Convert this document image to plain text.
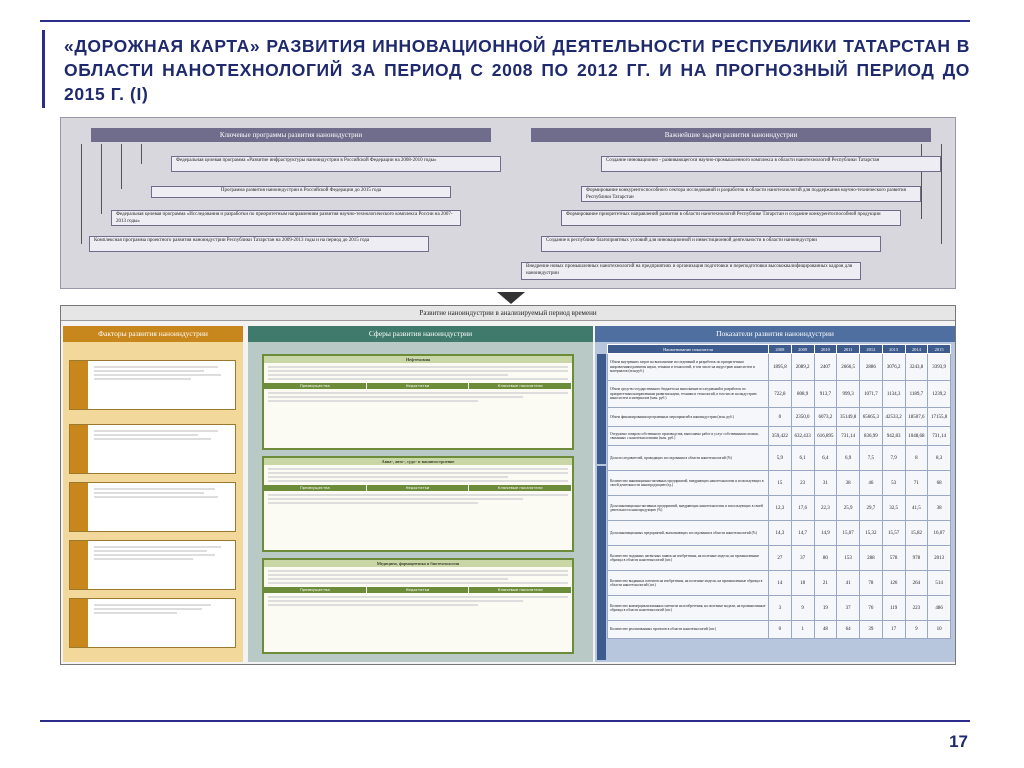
«ДОРОЖНАЯ КАРТА» РАЗВИТИЯ ИННОВАЦИОННОЙ ДЕЯТЕЛЬНОСТИ РЕСПУБЛИКИ ТАТАРСТАН В ОБЛАСТИ НАНОТЕХНОЛОГИЙ ЗА ПЕРИОД С 2008 ПО 2012 ГГ. И НА ПРОГНОЗНЫЙ ПЕРИОД ДО 2015 Г. (I)
Ключевые программы развития наноиндустрии	Важнейшие задачи развития наноиндустрии
Федеральная целевая программа «Развитие инфраструктуры наноиндустрии в Российской Федерации на 2008-2010 годы»
Программа развития наноиндустрии в Российской Федерации до 2015 года
Федеральная целевая программа «Исследования и разработки по приоритетным направлениям развития научно-технологического комплекса России на 2007-2013 годы»
Комплексная программа проектного развития наноиндустрии Республики Татарстан на 2009-2013 годы и на период до 2015 года
Создание инновационно - развивающегося научно-промышленного комплекса в области нанотехнологий Республики Татарстан
Формирование конкурентоспособного сектора исследований и разработок в области нанотехнологий для поддержания научно-технического развития Республики Татарстан
Формирование приоритетных направлений развития в области нанотехнологий Республике Татарстан и создание конкурентоспособной продукции
Создание в республике благоприятных условий для инновационной и инвестиционной деятельности в области наноиндустрии
Внедрение новых промышленных нанотехнологий на предприятиях и организация подготовки и переподготовки высококвалифицированных кадров для наноиндустрии
Развитие наноиндустрии в анализируемый период времени
Факторы развития наноиндустрии	Сферы развития наноиндустрии	Показатели развития наноиндустрии
Нефтехимия
Преимущества	Недостатки	Ключевые показатели
Авиа-, авто-, судо- и машиностроение
Преимущества	Недостатки	Ключевые показатели
Медицина, фармацевтика и биотехнологии
Преимущества	Недостатки	Ключевые показатели
Наименование показателя	2008	2009	2010	2011	2012	2013	2014	2015
Объем внутренних затрат на выполнение исследований и разработок по приоритетным направлениям развития науки, техники и технологий, в том числе на индустрию наносистем и материалов (млн руб.)	1895,8	2089,2	2407	2666,5	2886	3076,2	3243,8	3393,9
Объем средств государственного бюджета на выполнение исследований и разработок по приоритетным направлениям развития науки, техники и технологий, в том числе на индустрию наносистем и материалов (млн. руб.)	722,8	808,9	913,7	999,3	1071,7	1134,3	1189,7	1239,2
Объем финансирования программных мероприятий в наноиндустрии (млн. руб.)	0	2350,0	6073,2	35149,8	65665,3	42533,2	18507,6	17155,8
Отгружено товаров собственного производства, выполнено работ и услуг собственными силами, связанных с нанотехнологиями (млн. руб.)	359,422	632,433	616,895	731,14	836,99	942,83	1048,68	731,14
Доля исследователей, проводящих исследования в области нанотехнологий (%)	5,9	6,1	6,4	6,9	7,5	7,9	8	8,3
Количество инновационно-активных предприятий, внедряющих нанотехнологии и использующих в своей деятельности нанопродукцию (ед.)	15	23	31	38	46	53	71	68
Доля инновационно-активных предприятий, внедряющих нанотехнологии и использующих в своей деятельности нанопродукцию (%)	12,3	17,6	22,3	25,9	29,7	32,5	41,5	38
Доля инновационных предприятий, выполняющих исследования в области нанотехнологий (%)	14,3	14,7	14,9	15,07	15,32	15,57	15,82	16,07
Количество поданных патентных заявок на изобретения, на полезные модели, на промышленные образцы в области нанотехнологий (шт.)	27	37	80	153	288	578	978	2013
Количество выданных патентов на изобретения, на полезные модели, на промышленные образцы в области нанотехнологий (шт.)	14	18	21	41	78	126	264	514
Количество коммерциализованных патентов на изобретения, на полезные модели, на промышленные образцы в области нанотехнологий (шт.)	3	9	19	37	76	119	223	486
Количество реализованных проектов в области нанотехнологий (шт.)	0	1	48	64	39	17	9	10
17
